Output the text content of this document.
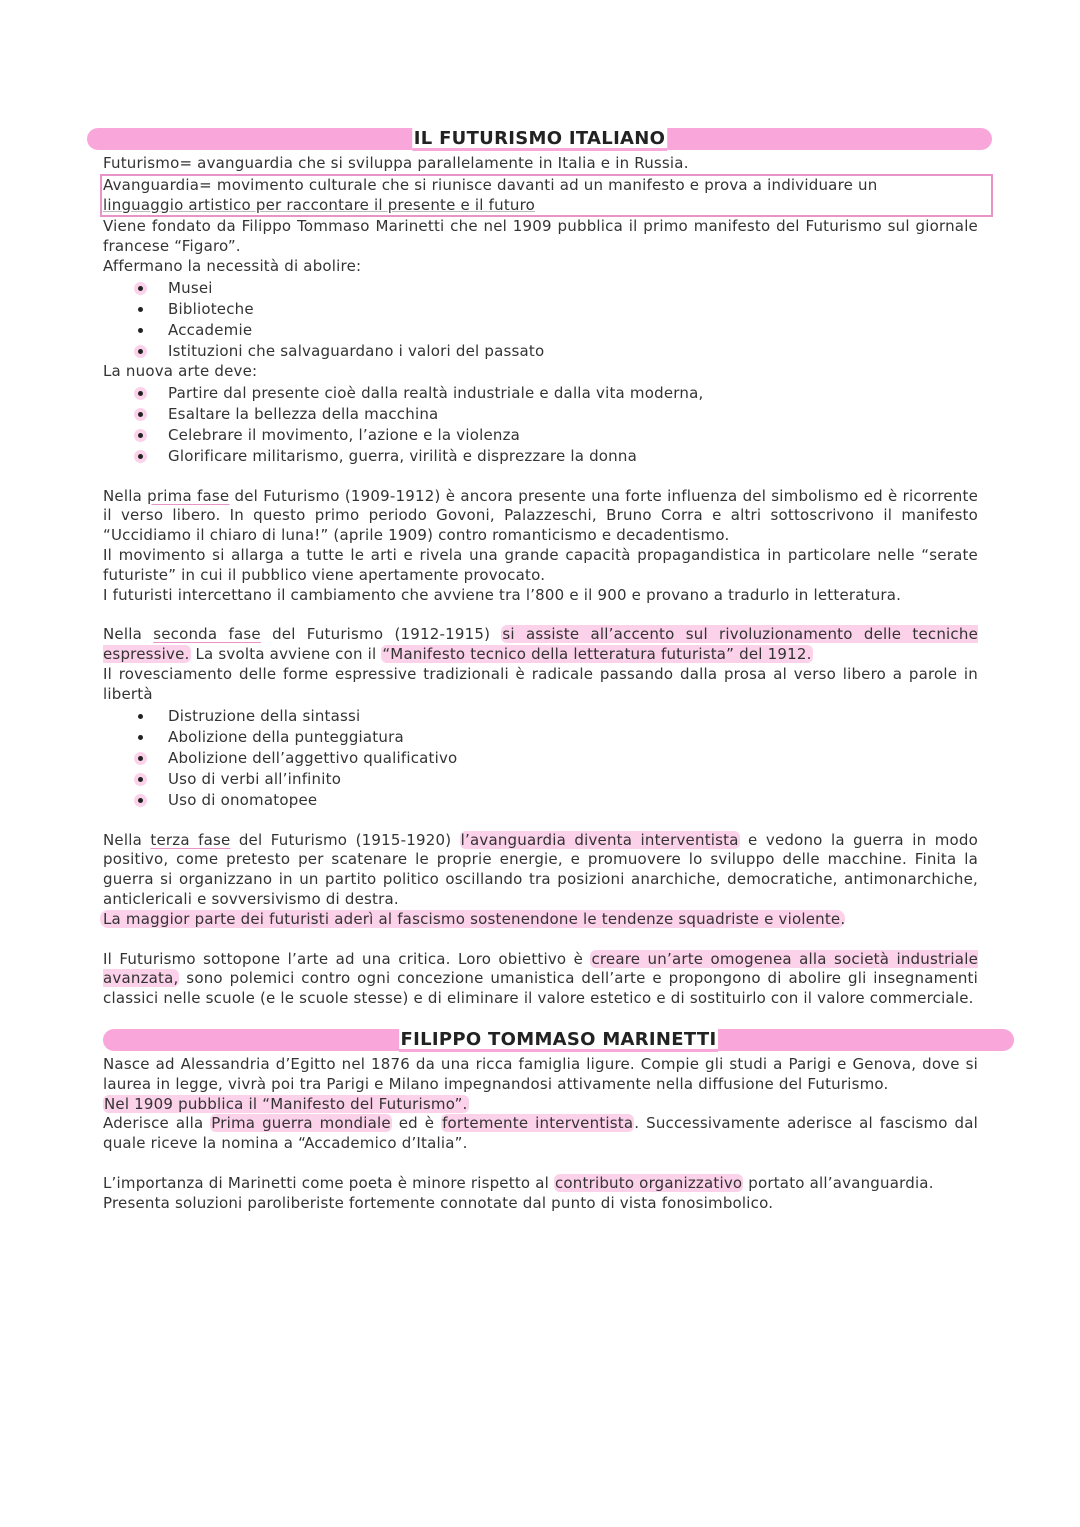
IL FUTURISMO ITALIANO

Futurismo= avanguardia che si sviluppa parallelamente in Italia e in Russia.

Avanguardia= movimento culturale che si riunisce davanti ad un manifesto e prova a individuare un

linguaggio artistico per raccontare il presente e il futuro

Viene fondato da Filippo Tommaso Marinetti che nel 1909 pubblica il primo manifesto del Futurismo sul giornale francese “Figaro”.

Affermano la necessità di abolire:

Musei
Biblioteche
Accademie
Istituzioni che salvaguardano i valori del passato

La nuova arte deve:

Partire dal presente cioè dalla realtà industriale e dalla vita moderna,
Esaltare la bellezza della macchina
Celebrare il movimento, l’azione e la violenza
Glorificare militarismo, guerra, virilità e disprezzare la donna

Nella prima fase del Futurismo (1909-1912) è ancora presente una forte influenza del simbolismo ed è ricorrente il verso libero. In questo primo periodo Govoni, Palazzeschi, Bruno Corra e altri sottoscrivono il manifesto “Uccidiamo il chiaro di luna!” (aprile 1909) contro romanticismo e decadentismo.

Il movimento si allarga a tutte le arti e rivela una grande capacità propagandistica in particolare nelle “serate futuriste” in cui il pubblico viene apertamente provocato.

I futuristi intercettano il cambiamento che avviene tra l’800 e il 900 e provano a tradurlo in letteratura.

Nella seconda fase del Futurismo (1912-1915) si assiste all’accento sul rivoluzionamento delle tecniche espressive. La svolta avviene con il “Manifesto tecnico della letteratura futurista” del 1912.

Il rovesciamento delle forme espressive tradizionali è radicale passando dalla prosa al verso libero a parole in libertà

Distruzione della sintassi
Abolizione della punteggiatura
Abolizione dell’aggettivo qualificativo
Uso di verbi all’infinito
Uso di onomatopee

Nella terza fase del Futurismo (1915-1920) l’avanguardia diventa interventista e vedono la guerra in modo positivo, come pretesto per scatenare le proprie energie, e promuovere lo sviluppo delle macchine. Finita la guerra si organizzano in un partito politico oscillando tra posizioni anarchiche, democratiche, antimonarchiche, anticlericali e sovversivismo di destra.

La maggior parte dei futuristi aderì al fascismo sostenendone le tendenze squadriste e violente.

Il Futurismo sottopone l’arte ad una critica. Loro obiettivo è creare un’arte omogenea alla società industriale avanzata, sono polemici contro ogni concezione umanistica dell’arte e propongono di abolire gli insegnamenti classici nelle scuole (e le scuole stesse) e di eliminare il valore estetico e di sostituirlo con il valore commerciale.

FILIPPO TOMMASO MARINETTI

Nasce ad Alessandria d’Egitto nel 1876 da una ricca famiglia ligure. Compie gli studi a Parigi e Genova, dove si laurea in legge, vivrà poi tra Parigi e Milano impegnandosi attivamente nella diffusione del Futurismo.

Nel 1909 pubblica il “Manifesto del Futurismo”.

Aderisce alla Prima guerra mondiale ed è fortemente interventista. Successivamente aderisce al fascismo dal quale riceve la nomina a “Accademico d’Italia”.

L’importanza di Marinetti come poeta è minore rispetto al contributo organizzativo portato all’avanguardia.

Presenta soluzioni paroliberiste fortemente connotate dal punto di vista fonosimbolico.
